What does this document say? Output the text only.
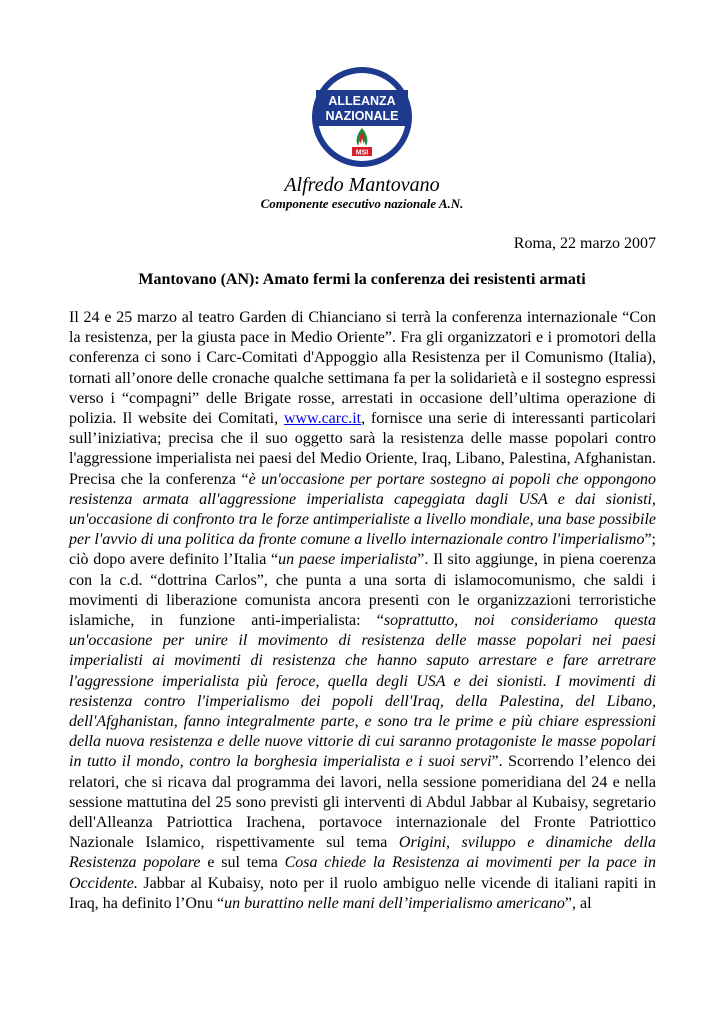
ALLEANZA
NAZIONALE
MSI
Alfredo Mantovano
Componente esecutivo nazionale A.N.
Roma, 22 marzo 2007
Mantovano (AN): Amato fermi la conferenza dei resistenti armati
Il 24 e 25 marzo al teatro Garden di Chianciano si terrà la conferenza internazionale “Con la resistenza, per la giusta pace in Medio Oriente”. Fra gli organizzatori e i promotori della conferenza ci sono i Carc-Comitati d'Appoggio alla Resistenza per il Comunismo (Italia), tornati all’onore delle cronache qualche settimana fa per la solidarietà e il sostegno espressi verso i “compagni” delle Brigate rosse, arrestati in occasione dell’ultima operazione di polizia. Il website dei Comitati, www.carc.it, fornisce una serie di interessanti particolari sull’iniziativa; precisa che il suo oggetto sarà la resistenza delle masse popolari contro l'aggressione imperialista nei paesi del Medio Oriente, Iraq, Libano, Palestina, Afghanistan. Precisa che la conferenza “è un'occasione per portare sostegno ai popoli che oppongono resistenza armata all'aggressione imperialista capeggiata dagli USA e dai sionisti, un'occasione di confronto tra le forze antimperialiste a livello mondiale, una base possibile per l'avvio di una politica da fronte comune a livello internazionale contro l'imperialismo”; ciò dopo avere definito l’Italia “un paese imperialista”. Il sito aggiunge, in piena coerenza con la c.d. “dottrina Carlos”, che punta a una sorta di islamocomunismo, che saldi i movimenti di liberazione comunista ancora presenti con le organizzazioni terroristiche islamiche, in funzione anti-imperialista: “soprattutto, noi consideriamo questa un'occasione per unire il movimento di resistenza delle masse popolari nei paesi imperialisti ai movimenti di resistenza che hanno saputo arrestare e fare arretrare l'aggressione imperialista più feroce, quella degli USA e dei sionisti. I movimenti di resistenza contro l'imperialismo dei popoli dell'Iraq, della Palestina, del Libano, dell'Afghanistan, fanno integralmente parte, e sono tra le prime e più chiare espressioni della nuova resistenza e delle nuove vittorie di cui saranno protagoniste le masse popolari in tutto il mondo, contro la borghesia imperialista e i suoi servi”. Scorrendo l’elenco dei relatori, che si ricava dal programma dei lavori, nella sessione pomeridiana del 24 e nella sessione mattutina del 25 sono previsti gli interventi di Abdul Jabbar al Kubaisy, segretario dell'Alleanza Patriottica Irachena, portavoce internazionale del Fronte Patriottico Nazionale Islamico, rispettivamente sul tema Origini, sviluppo e dinamiche della Resistenza popolare e sul tema Cosa chiede la Resistenza ai movimenti per la pace in Occidente. Jabbar al Kubaisy, noto per il ruolo ambiguo nelle vicende di italiani rapiti in Iraq, ha definito l’Onu “un burattino nelle mani dell’imperialismo americano”, al
